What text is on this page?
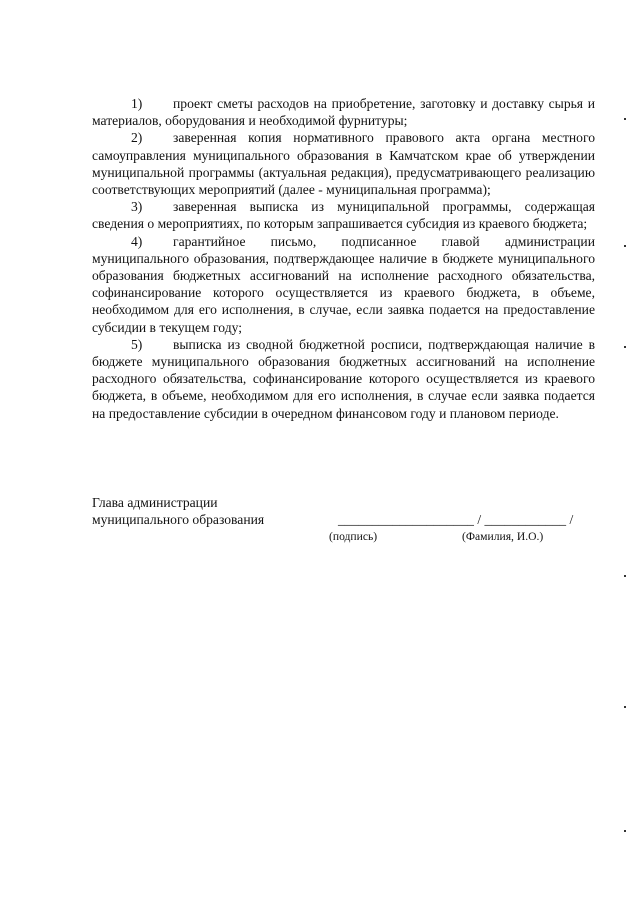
1) проект сметы расходов на приобретение, заготовку и доставку сырья и материалов, оборудования и необходимой фурнитуры;

2) заверенная копия нормативного правового акта органа местного самоуправления муниципального образования в Камчатском крае об утверждении муниципальной программы (актуальная редакция), предусматривающего реализацию соответствующих мероприятий (далее - муниципальная программа);

3) заверенная выписка из муниципальной программы, содержащая сведения о мероприятиях, по которым запрашивается субсидия из краевого бюджета;

4) гарантийное письмо, подписанное главой администрации муниципального образования, подтверждающее наличие в бюджете муниципального образования бюджетных ассигнований на исполнение расходного обязательства, софинансирование которого осуществляется из краевого бюджета, в объеме, необходимом для его исполнения, в случае, если заявка подается на предоставление субсидии в текущем году;

5) выписка из сводной бюджетной росписи, подтверждающая наличие в бюджете муниципального образования бюджетных ассигнований на исполнение расходного обязательства, софинансирование которого осуществляется из краевого бюджета, в объеме, необходимом для его исполнения, в случае если заявка подается на предоставление субсидии в очередном финансовом году и плановом периоде.

Глава администрации
муниципального образования	____________________ / ____________ /
(подпись)	(Фамилия, И.О.)
